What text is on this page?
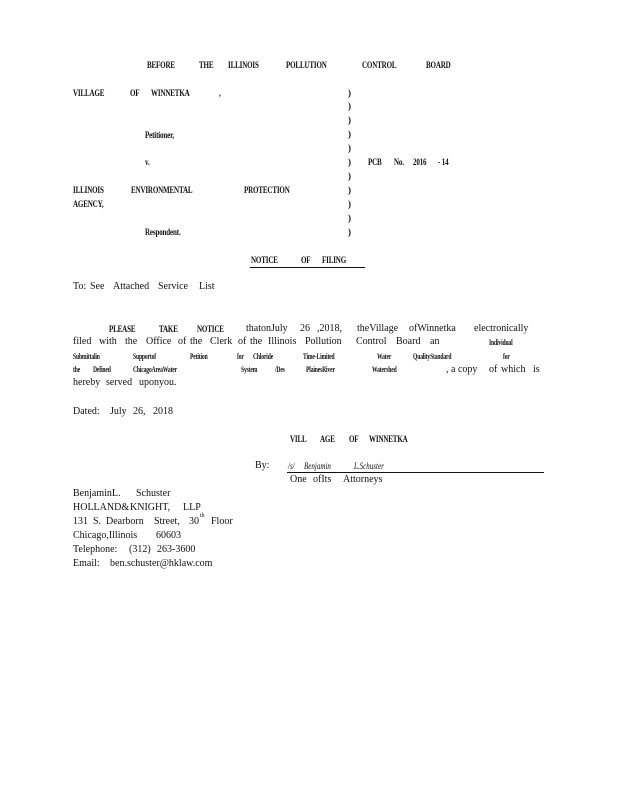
BEFORE	THE ILLINOIS	POLLUTION	CONTROL	BOARD
VILLAGE	OF WINNETKA	,
Petitioner,
v.
ILLINOIS	ENVIRONMENTAL	PROTECTION
AGENCY,
Respondent.
)
)
)
)
)
)
)
)
)
)
)
PCB No. 2016 - 14
NOTICE	OF FILING
To: See Attached Service List
PLEASE	TAKE NOTICE thatonJuly 26 ,2018, theVillage ofWinnetka electronically
filed with the Office of the Clerk of the Illinois Pollution Control Board an	Individual
Submittalin	Supportof	Petition	for Chloride	Time-Limited	Water	QualityStandard	for
the Defined	ChicagoAreaWater	System /Des	PlainesRiver	Watershed	, a copy of which is
hereby served uponyou.
Dated: July 26, 2018
VILL AGE OF WINNETKA
By: /s/ Benjamin	L.Schuster
One ofIts Attorneys
BenjaminL. Schuster
HOLLAND& KNIGHT, LLP
131 S. Dearborn Street, 30 th Floor
Chicago,Illinois 60603
Telephone: (312) 263-3600
Email: ben.schuster@hklaw.com
